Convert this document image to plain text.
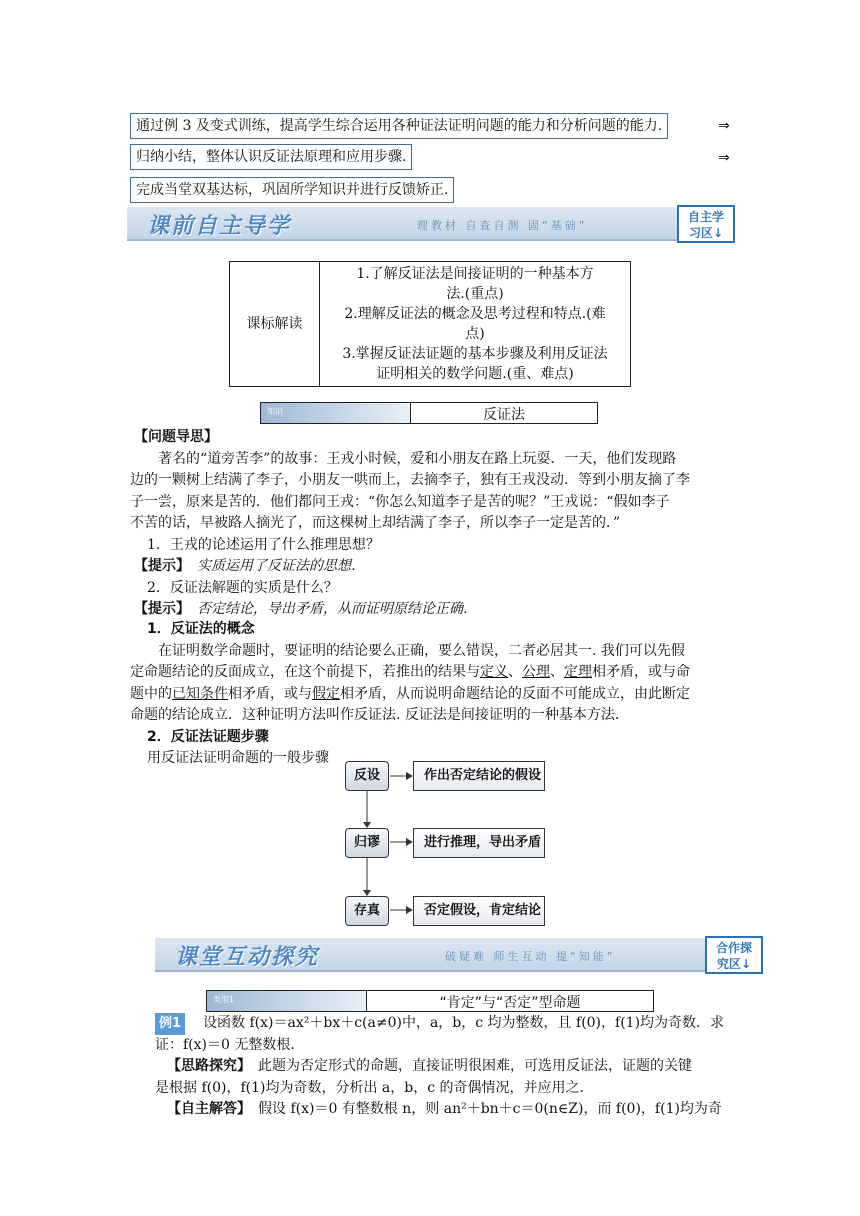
通过例 3 及变式训练，提高学生综合运用各种证法证明问题的能力和分析问题的能力.	⇒
归纳小结，整体认识反证法原理和应用步骤.	⇒
完成当堂双基达标，巩固所学知识并进行反馈矫正.
课前自主导学	理教材 自查自测 固“基础”
自主学
习区↓
课标解读	
1.了解反证法是间接证明的一种基本方
法.(重点)
2.理解反证法的概念及思考过程和特点.(难
点)
3.掌握反证法证题的基本步骤及利用反证法
证明相关的数学问题.(重、难点)
知识	反证法
【问题导思】
著名的“道旁苦李”的故事：王戎小时候，爱和小朋友在路上玩耍．一天，他们发现路
边的一颗树上结满了李子，小朋友一哄而上，去摘李子，独有王戎没动．等到小朋友摘了李
子一尝，原来是苦的．他们都问王戎：“你怎么知道李子是苦的呢？”王戎说：“假如李子
不苦的话，早被路人摘光了，而这棵树上却结满了李子，所以李子一定是苦的．”
1．王戎的论述运用了什么推理思想？
【提示】　 实质运用了反证法的思想．
2．反证法解题的实质是什么？
【提示】　 否定结论，导出矛盾，从而证明原结论正确．
1．反证法的概念
在证明数学命题时，要证明的结论要么正确，要么错误，二者必居其一. 我们可以先假
定命题结论的反面成立，在这个前提下，若推出的结果与定义、公理、定理相矛盾，或与命
题中的已知条件相矛盾，或与假定相矛盾，从而说明命题结论的反面不可能成立，由此断定
命题的结论成立．这种证明方法叫作反证法. 反证法是间接证明的一种基本方法．
2．反证法证题步骤
用反证法证明命题的一般步骤
反设	作出否定结论的假设
归谬	进行推理，导出矛盾
存真	否定假设，肯定结论
课堂互动探究	破疑难 师生互动 提“知能”
合作探
究区↓
类型1	“肯定”与“否定”型命题
例1　 设函数 f(x)＝ax²＋bx＋c(a≠0)中，a，b，c 均为整数，且 f(0)，f(1)均为奇数．求
证：f(x)＝0 无整数根．
【思路探究】　 此题为否定形式的命题，直接证明很困难，可选用反证法，证题的关键
是根据 f(0)，f(1)均为奇数，分析出 a，b，c 的奇偶情况，并应用之．
【自主解答】　 假设 f(x)＝0 有整数根 n，则 an²＋bn＋c＝0(n∈Z)，而 f(0)，f(1)均为奇
